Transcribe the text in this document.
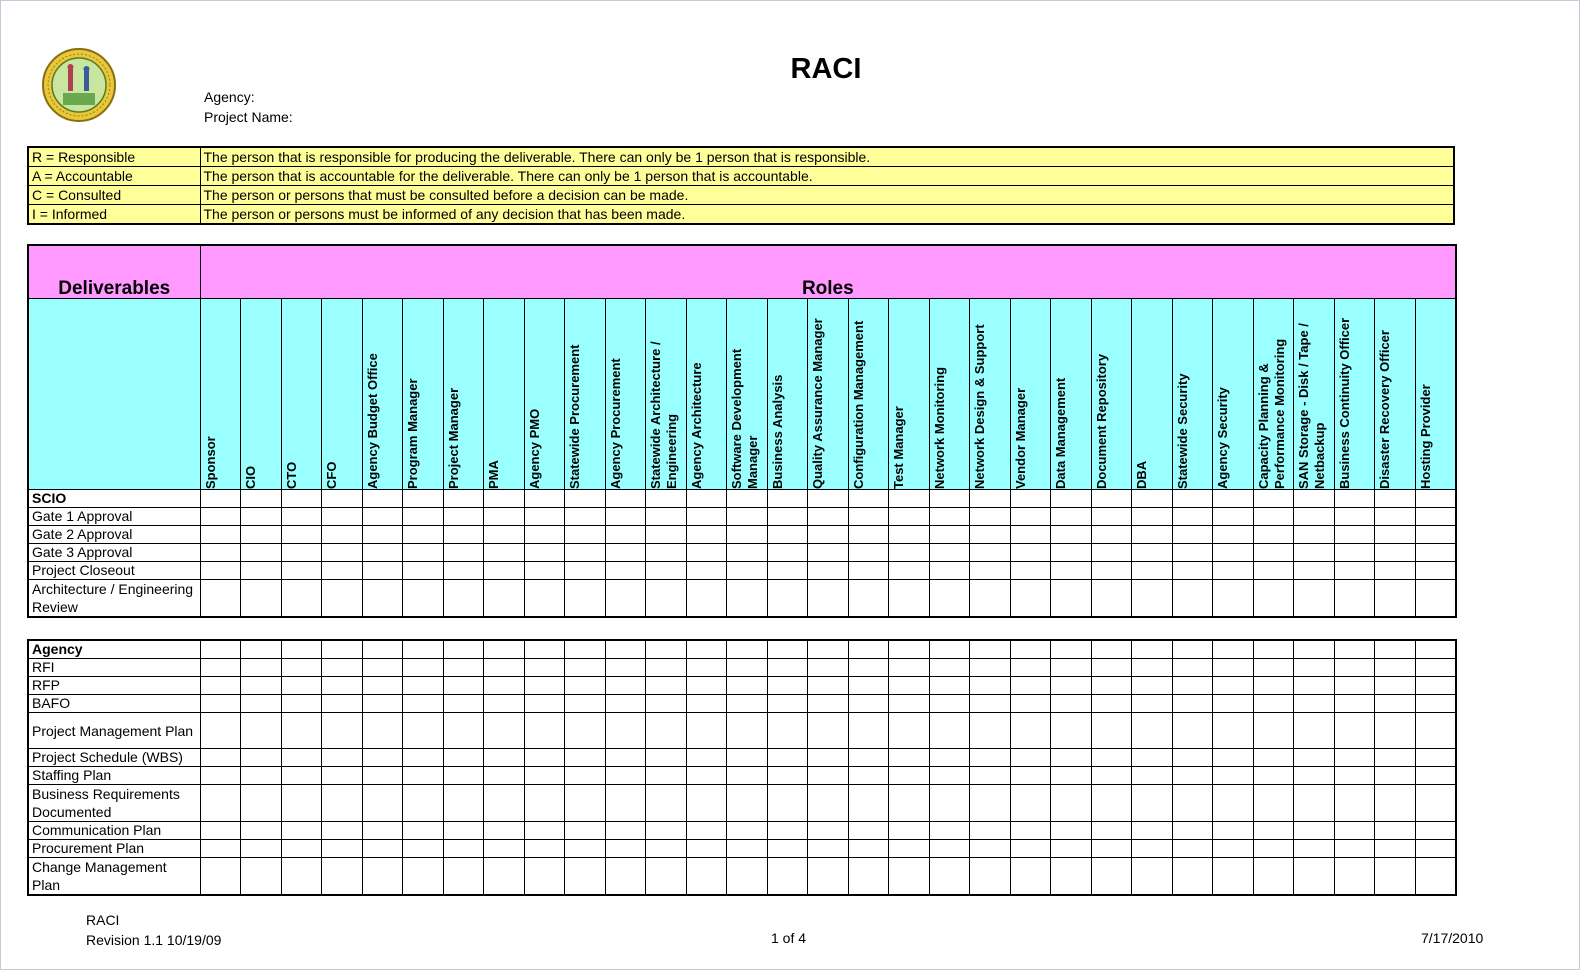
RACI
Agency:
Project Name:
R = Responsible	The person that is responsible for producing the deliverable. There can only be 1 person that is responsible.
A = Accountable	The person that is accountable for the deliverable. There can only be 1 person that is accountable.
C = Consulted	The person or persons that must be consulted before a decision can be made.
I = Informed	The person or persons must be informed of any decision that has been made.
Deliverables	Roles																														

	Sponsor	CIO	CTO	CFO	Agency Budget Office	Program Manager	Project Manager	PMA	Agency PMO	Statewide Procurement	Agency Procurement	Statewide Architecture / Engineering	Agency Architecture	Software Development Manager	Business Analysis	Quality Assurance Manager	Configuration Management	Test Manager	Network Monitoring	Network Design & Support	Vendor Manager	Data Management	Document Repository	DBA	Statewide Security	Agency Security	Capacity Planning & Performance Monitoring	SAN Storage - Disk / Tape / Netbackup	Business Continuity Officer	Disaster Recovery Officer	Hosting Provider

SCIO																															
Gate 1 Approval																															
Gate 2 Approval																															
Gate 3 Approval																															
Project Closeout																															
Architecture / Engineering Review																															
Agency																															
RFI																															
RFP																															
BAFO																															
Project Management Plan																															
Project Schedule (WBS)																															
Staffing Plan																															
Business Requirements Documented																															
Communication Plan																															
Procurement Plan																															
Change Management Plan																															
RACI
Revision 1.1 10/19/09	1 of 4	7/17/2010
